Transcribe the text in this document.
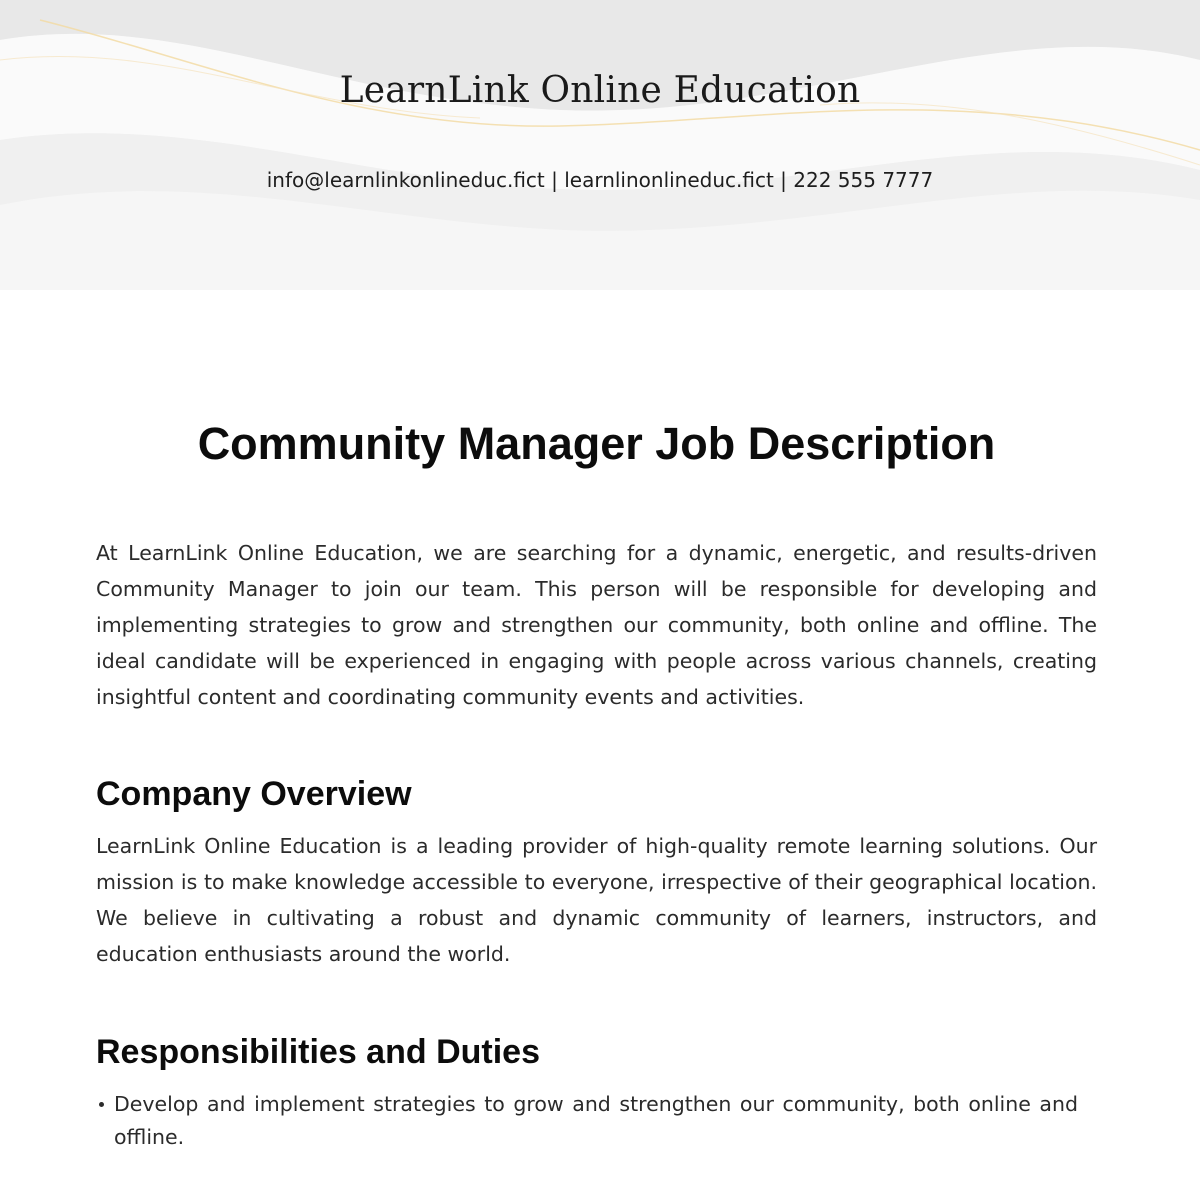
LearnLink Online Education
info@learnlinkonlineduc.fict | learnlinonlineduc.fict | 222 555 7777
Community Manager Job Description

At LearnLink Online Education, we are searching for a dynamic, energetic, and results-driven Community Manager to join our team. This person will be responsible for developing and implementing strategies to grow and strengthen our community, both online and offline. The ideal candidate will be experienced in engaging with people across various channels, creating insightful content and coordinating community events and activities.

Company Overview

LearnLink Online Education is a leading provider of high-quality remote learning solutions. Our mission is to make knowledge accessible to everyone, irrespective of their geographical location. We believe in cultivating a robust and dynamic community of learners, instructors, and education enthusiasts around the world.

Responsibilities and Duties
Develop and implement strategies to grow and strengthen our community, both online and offline.
